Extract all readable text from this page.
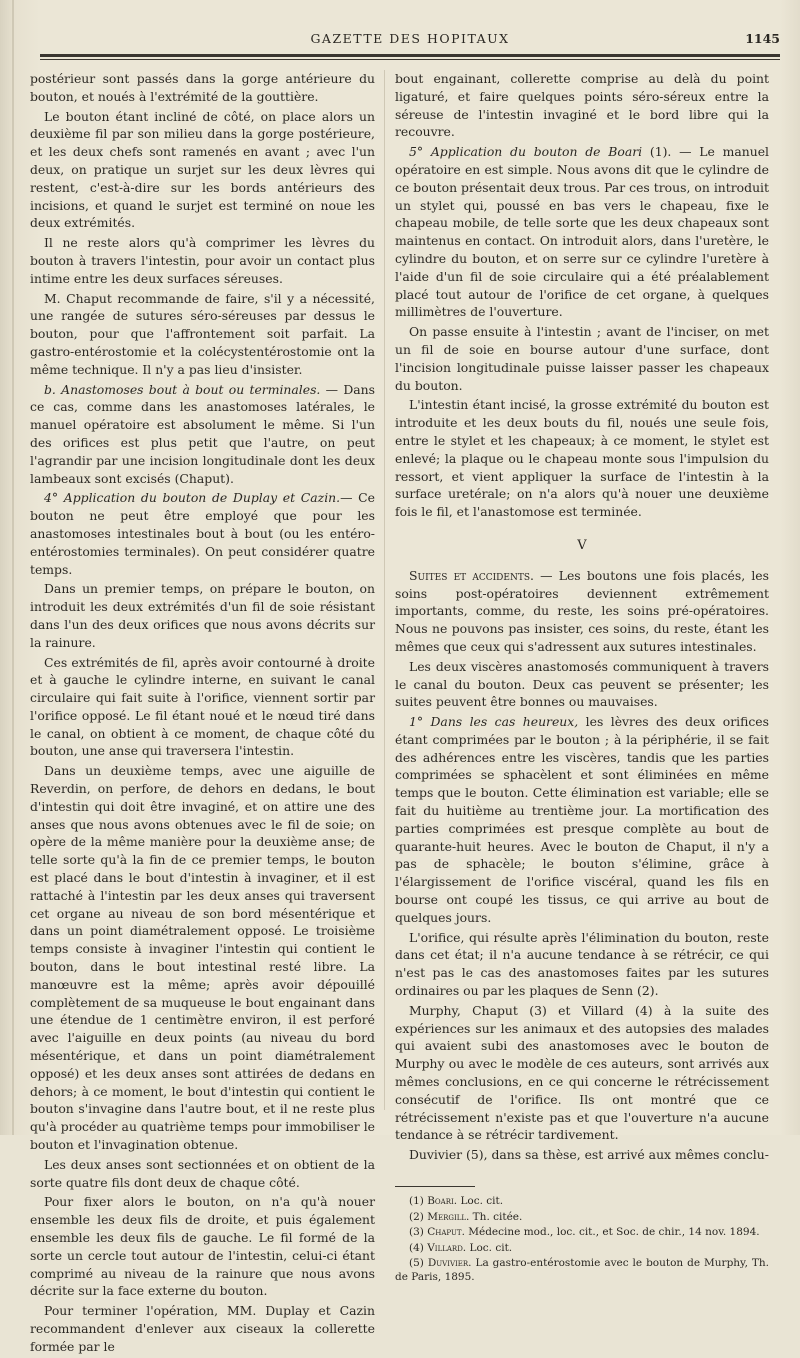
GAZETTE DES HOPITAUX	1145

postérieur sont passés dans la gorge antérieure du bouton, et noués à l'extrémité de la gouttière.

Le bouton étant incliné de côté, on place alors un deuxième fil par son milieu dans la gorge postérieure, et les deux chefs sont ramenés en avant ; avec l'un deux, on pratique un surjet sur les deux lèvres qui restent, c'est-à-dire sur les bords antérieurs des incisions, et quand le surjet est terminé on noue les deux extrémités.

Il ne reste alors qu'à comprimer les lèvres du bouton à travers l'intestin, pour avoir un contact plus intime entre les deux surfaces séreuses.

M. Chaput recommande de faire, s'il y a nécessité, une rangée de sutures séro-séreuses par dessus le bouton, pour que l'affrontement soit parfait. La gastro-entérostomie et la colécystentérostomie ont la même technique. Il n'y a pas lieu d'insister.

b. Anastomoses bout à bout ou terminales. — Dans ce cas, comme dans les anastomoses latérales, le manuel opératoire est absolument le même. Si l'un des orifices est plus petit que l'autre, on peut l'agrandir par une incision longitudinale dont les deux lambeaux sont excisés (Chaput).

4° Application du bouton de Duplay et Cazin.— Ce bouton ne peut être employé que pour les anastomoses intestinales bout à bout (ou les entéro-entérostomies terminales). On peut considérer quatre temps.

Dans un premier temps, on prépare le bouton, on introduit les deux extrémités d'un fil de soie résistant dans l'un des deux orifices que nous avons décrits sur la rainure.

Ces extrémités de fil, après avoir contourné à droite et à gauche le cylindre interne, en suivant le canal circulaire qui fait suite à l'orifice, viennent sortir par l'orifice opposé. Le fil étant noué et le nœud tiré dans le canal, on obtient à ce moment, de chaque côté du bouton, une anse qui traversera l'intestin.

Dans un deuxième temps, avec une aiguille de Reverdin, on perfore, de dehors en dedans, le bout d'intestin qui doit être invaginé, et on attire une des anses que nous avons obtenues avec le fil de soie; on opère de la même manière pour la deuxième anse; de telle sorte qu'à la fin de ce premier temps, le bouton est placé dans le bout d'intestin à invaginer, et il est rattaché à l'intestin par les deux anses qui traversent cet organe au niveau de son bord mésentérique et dans un point diamétralement opposé. Le troisième temps consiste à invaginer l'intestin qui contient le bouton, dans le bout intestinal resté libre. La manœuvre est la même; après avoir dépouillé complètement de sa muqueuse le bout engainant dans une étendue de 1 centimètre environ, il est perforé avec l'aiguille en deux points (au niveau du bord mésentérique, et dans un point diamétralement opposé) et les deux anses sont attirées de dedans en dehors; à ce moment, le bout d'intestin qui contient le bouton s'invagine dans l'autre bout, et il ne reste plus qu'à procéder au quatrième temps pour immobiliser le bouton et l'invagination obtenue.

Les deux anses sont sectionnées et on obtient de la sorte quatre fils dont deux de chaque côté.

Pour fixer alors le bouton, on n'a qu'à nouer ensemble les deux fils de droite, et puis également ensemble les deux fils de gauche. Le fil formé de la sorte un cercle tout autour de l'intestin, celui-ci étant comprimé au niveau de la rainure que nous avons décrite sur la face externe du bouton.

Pour terminer l'opération, MM. Duplay et Cazin recommandent d'enlever aux ciseaux la collerette formée par le

bout engainant, collerette comprise au delà du point ligaturé, et faire quelques points séro-séreux entre la séreuse de l'intestin invaginé et le bord libre qui la recouvre.

5° Application du bouton de Boari (1). — Le manuel opératoire en est simple. Nous avons dit que le cylindre de ce bouton présentait deux trous. Par ces trous, on introduit un stylet qui, poussé en bas vers le chapeau, fixe le chapeau mobile, de telle sorte que les deux chapeaux sont maintenus en contact. On introduit alors, dans l'uretère, le cylindre du bouton, et on serre sur ce cylindre l'uretère à l'aide d'un fil de soie circulaire qui a été préalablement placé tout autour de l'orifice de cet organe, à quelques millimètres de l'ouverture.

On passe ensuite à l'intestin ; avant de l'inciser, on met un fil de soie en bourse autour d'une surface, dont l'incision longitudinale puisse laisser passer les chapeaux du bouton.

L'intestin étant incisé, la grosse extrémité du bouton est introduite et les deux bouts du fil, noués une seule fois, entre le stylet et les chapeaux; à ce moment, le stylet est enlevé; la plaque ou le chapeau monte sous l'impulsion du ressort, et vient appliquer la surface de l'intestin à la surface uretérale; on n'a alors qu'à nouer une deuxième fois le fil, et l'anastomose est terminée.

V

Suites et accidents. — Les boutons une fois placés, les soins post-opératoires deviennent extrêmement importants, comme, du reste, les soins pré-opératoires. Nous ne pouvons pas insister, ces soins, du reste, étant les mêmes que ceux qui s'adressent aux sutures intestinales.

Les deux viscères anastomosés communiquent à travers le canal du bouton. Deux cas peuvent se présenter; les suites peuvent être bonnes ou mauvaises.

1° Dans les cas heureux, les lèvres des deux orifices étant comprimées par le bouton ; à la périphérie, il se fait des adhérences entre les viscères, tandis que les parties comprimées se sphacèlent et sont éliminées en même temps que le bouton. Cette élimination est variable; elle se fait du huitième au trentième jour. La mortification des parties comprimées est presque complète au bout de quarante-huit heures. Avec le bouton de Chaput, il n'y a pas de sphacèle; le bouton s'élimine, grâce à l'élargissement de l'orifice viscéral, quand les fils en bourse ont coupé les tissus, ce qui arrive au bout de quelques jours.

L'orifice, qui résulte après l'élimination du bouton, reste dans cet état; il n'a aucune tendance à se rétrécir, ce qui n'est pas le cas des anastomoses faites par les sutures ordinaires ou par les plaques de Senn (2).

Murphy, Chaput (3) et Villard (4) à la suite des expériences sur les animaux et des autopsies des malades qui avaient subi des anastomoses avec le bouton de Murphy ou avec le modèle de ces auteurs, sont arrivés aux mêmes conclusions, en ce qui concerne le rétrécissement consécutif de l'orifice. Ils ont montré que ce rétrécissement n'existe pas et que l'ouverture n'a aucune tendance à se rétrécir tardivement.

Duvivier (5), dans sa thèse, est arrivé aux mêmes conclu-

(1) Boari. Loc. cit.

(2) Mergill. Th. citée.

(3) Chaput. Médecine mod., loc. cit., et Soc. de chir., 14 nov. 1894.

(4) Villard. Loc. cit.

(5) Duvivier. La gastro-entérostomie avec le bouton de Murphy, Th. de Paris, 1895.
